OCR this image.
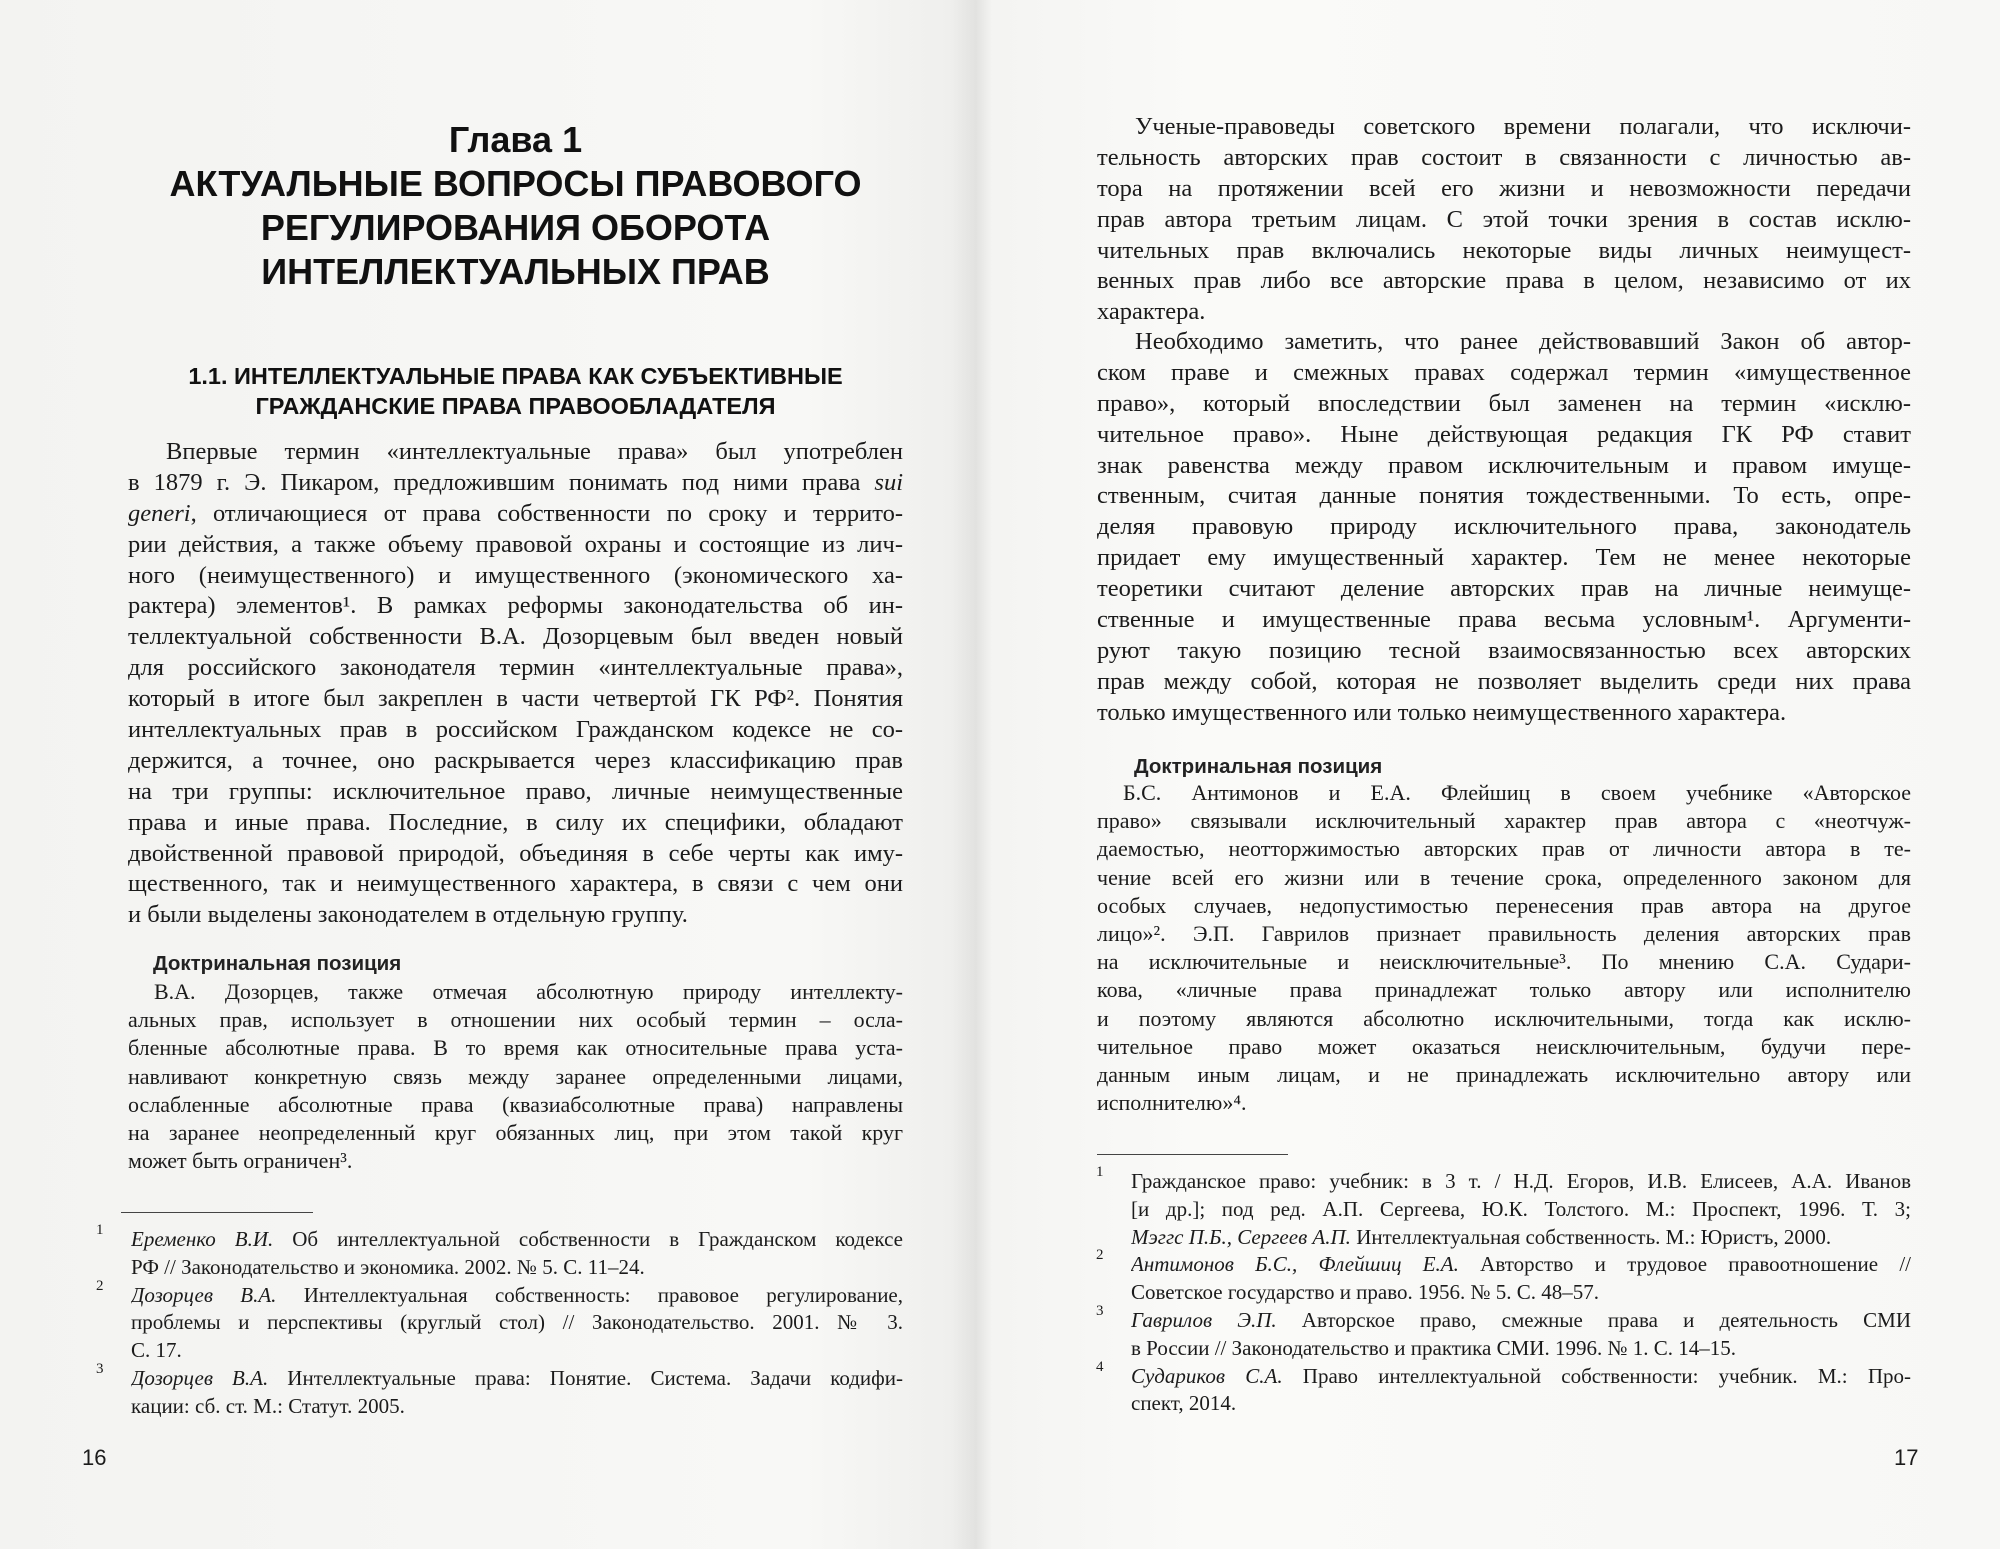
Глава 1
АКТУАЛЬНЫЕ ВОПРОСЫ ПРАВОВОГО
РЕГУЛИРОВАНИЯ ОБОРОТА
ИНТЕЛЛЕКТУАЛЬНЫХ ПРАВ
1.1. ИНТЕЛЛЕКТУАЛЬНЫЕ ПРАВА КАК СУБЪЕКТИВНЫЕ
ГРАЖДАНСКИЕ ПРАВА ПРАВООБЛАДАТЕЛЯ
Впервые термин «интеллектуальные права» был употреблен
в 1879 г. Э. Пикаром, предложившим понимать под ними права sui
generi, отличающиеся от права собственности по сроку и террито-
рии действия, а также объему правовой охраны и состоящие из лич-
ного (неимущественного) и имущественного (экономического ха-
рактера) элементов¹. В рамках реформы законодательства об ин-
теллектуальной собственности В.А. Дозорцевым был введен новый
для российского законодателя термин «интеллектуальные права»,
который в итоге был закреплен в части четвертой ГК РФ². Понятия
интеллектуальных прав в российском Гражданском кодексе не со-
держится, а точнее, оно раскрывается через классификацию прав
на три группы: исключительное право, личные неимущественные
права и иные права. Последние, в силу их специфики, обладают
двойственной правовой природой, объединяя в себе черты как иму-
щественного, так и неимущественного характера, в связи с чем они
и были выделены законодателем в отдельную группу.
Доктринальная позиция
В.А. Дозорцев, также отмечая абсолютную природу интеллекту-
альных прав, использует в отношении них особый термин – осла-
бленные абсолютные права. В то время как относительные права уста-
навливают конкретную связь между заранее определенными лицами,
ослабленные абсолютные права (квазиабсолютные права) направлены
на заранее неопределенный круг обязанных лиц, при этом такой круг
может быть ограничен³.
1 Еременко В.И. Об интеллектуальной собственности в Гражданском кодексе
РФ // Законодательство и экономика. 2002. № 5. С. 11–24.
2 Дозорцев В.А. Интеллектуальная собственность: правовое регулирование,
проблемы и перспективы (круглый стол) // Законодательство. 2001. № 3.
С. 17.
3 Дозорцев В.А. Интеллектуальные права: Понятие. Система. Задачи кодифи-
кации: сб. ст. М.: Статут. 2005.
16
Ученые-правоведы советского времени полагали, что исключи-
тельность авторских прав состоит в связанности с личностью ав-
тора на протяжении всей его жизни и невозможности передачи
прав автора третьим лицам. С этой точки зрения в состав исклю-
чительных прав включались некоторые виды личных неимущест-
венных прав либо все авторские права в целом, независимо от их
характера.
Необходимо заметить, что ранее действовавший Закон об автор-
ском праве и смежных правах содержал термин «имущественное
право», который впоследствии был заменен на термин «исклю-
чительное право». Ныне действующая редакция ГК РФ ставит
знак равенства между правом исключительным и правом имуще-
ственным, считая данные понятия тождественными. То есть, опре-
деляя правовую природу исключительного права, законодатель
придает ему имущественный характер. Тем не менее некоторые
теоретики считают деление авторских прав на личные неимуще-
ственные и имущественные права весьма условным¹. Аргументи-
руют такую позицию тесной взаимосвязанностью всех авторских
прав между собой, которая не позволяет выделить среди них права
только имущественного или только неимущественного характера.
Доктринальная позиция
Б.С. Антимонов и Е.А. Флейшиц в своем учебнике «Авторское
право» связывали исключительный характер прав автора с «неотчуж-
даемостью, неотторжимостью авторских прав от личности автора в те-
чение всей его жизни или в течение срока, определенного законом для
особых случаев, недопустимостью перенесения прав автора на другое
лицо»². Э.П. Гаврилов признает правильность деления авторских прав
на исключительные и неисключительные³. По мнению С.А. Судари-
кова, «личные права принадлежат только автору или исполнителю
и поэтому являются абсолютно исключительными, тогда как исклю-
чительное право может оказаться неисключительным, будучи пере-
данным иным лицам, и не принадлежать исключительно автору или
исполнителю»⁴.
1 Гражданское право: учебник: в 3 т. / Н.Д. Егоров, И.В. Елисеев, А.А. Иванов
[и др.]; под ред. А.П. Сергеева, Ю.К. Толстого. М.: Проспект, 1996. Т. 3;
Мэггс П.Б., Сергеев А.П. Интеллектуальная собственность. М.: Юристъ, 2000.
2 Антимонов Б.С., Флейшиц Е.А. Авторство и трудовое правоотношение //
Советское государство и право. 1956. № 5. С. 48–57.
3 Гаврилов Э.П. Авторское право, смежные права и деятельность СМИ
в России // Законодательство и практика СМИ. 1996. № 1. С. 14–15.
4 Судариков С.А. Право интеллектуальной собственности: учебник. М.: Про-
спект, 2014.
17
